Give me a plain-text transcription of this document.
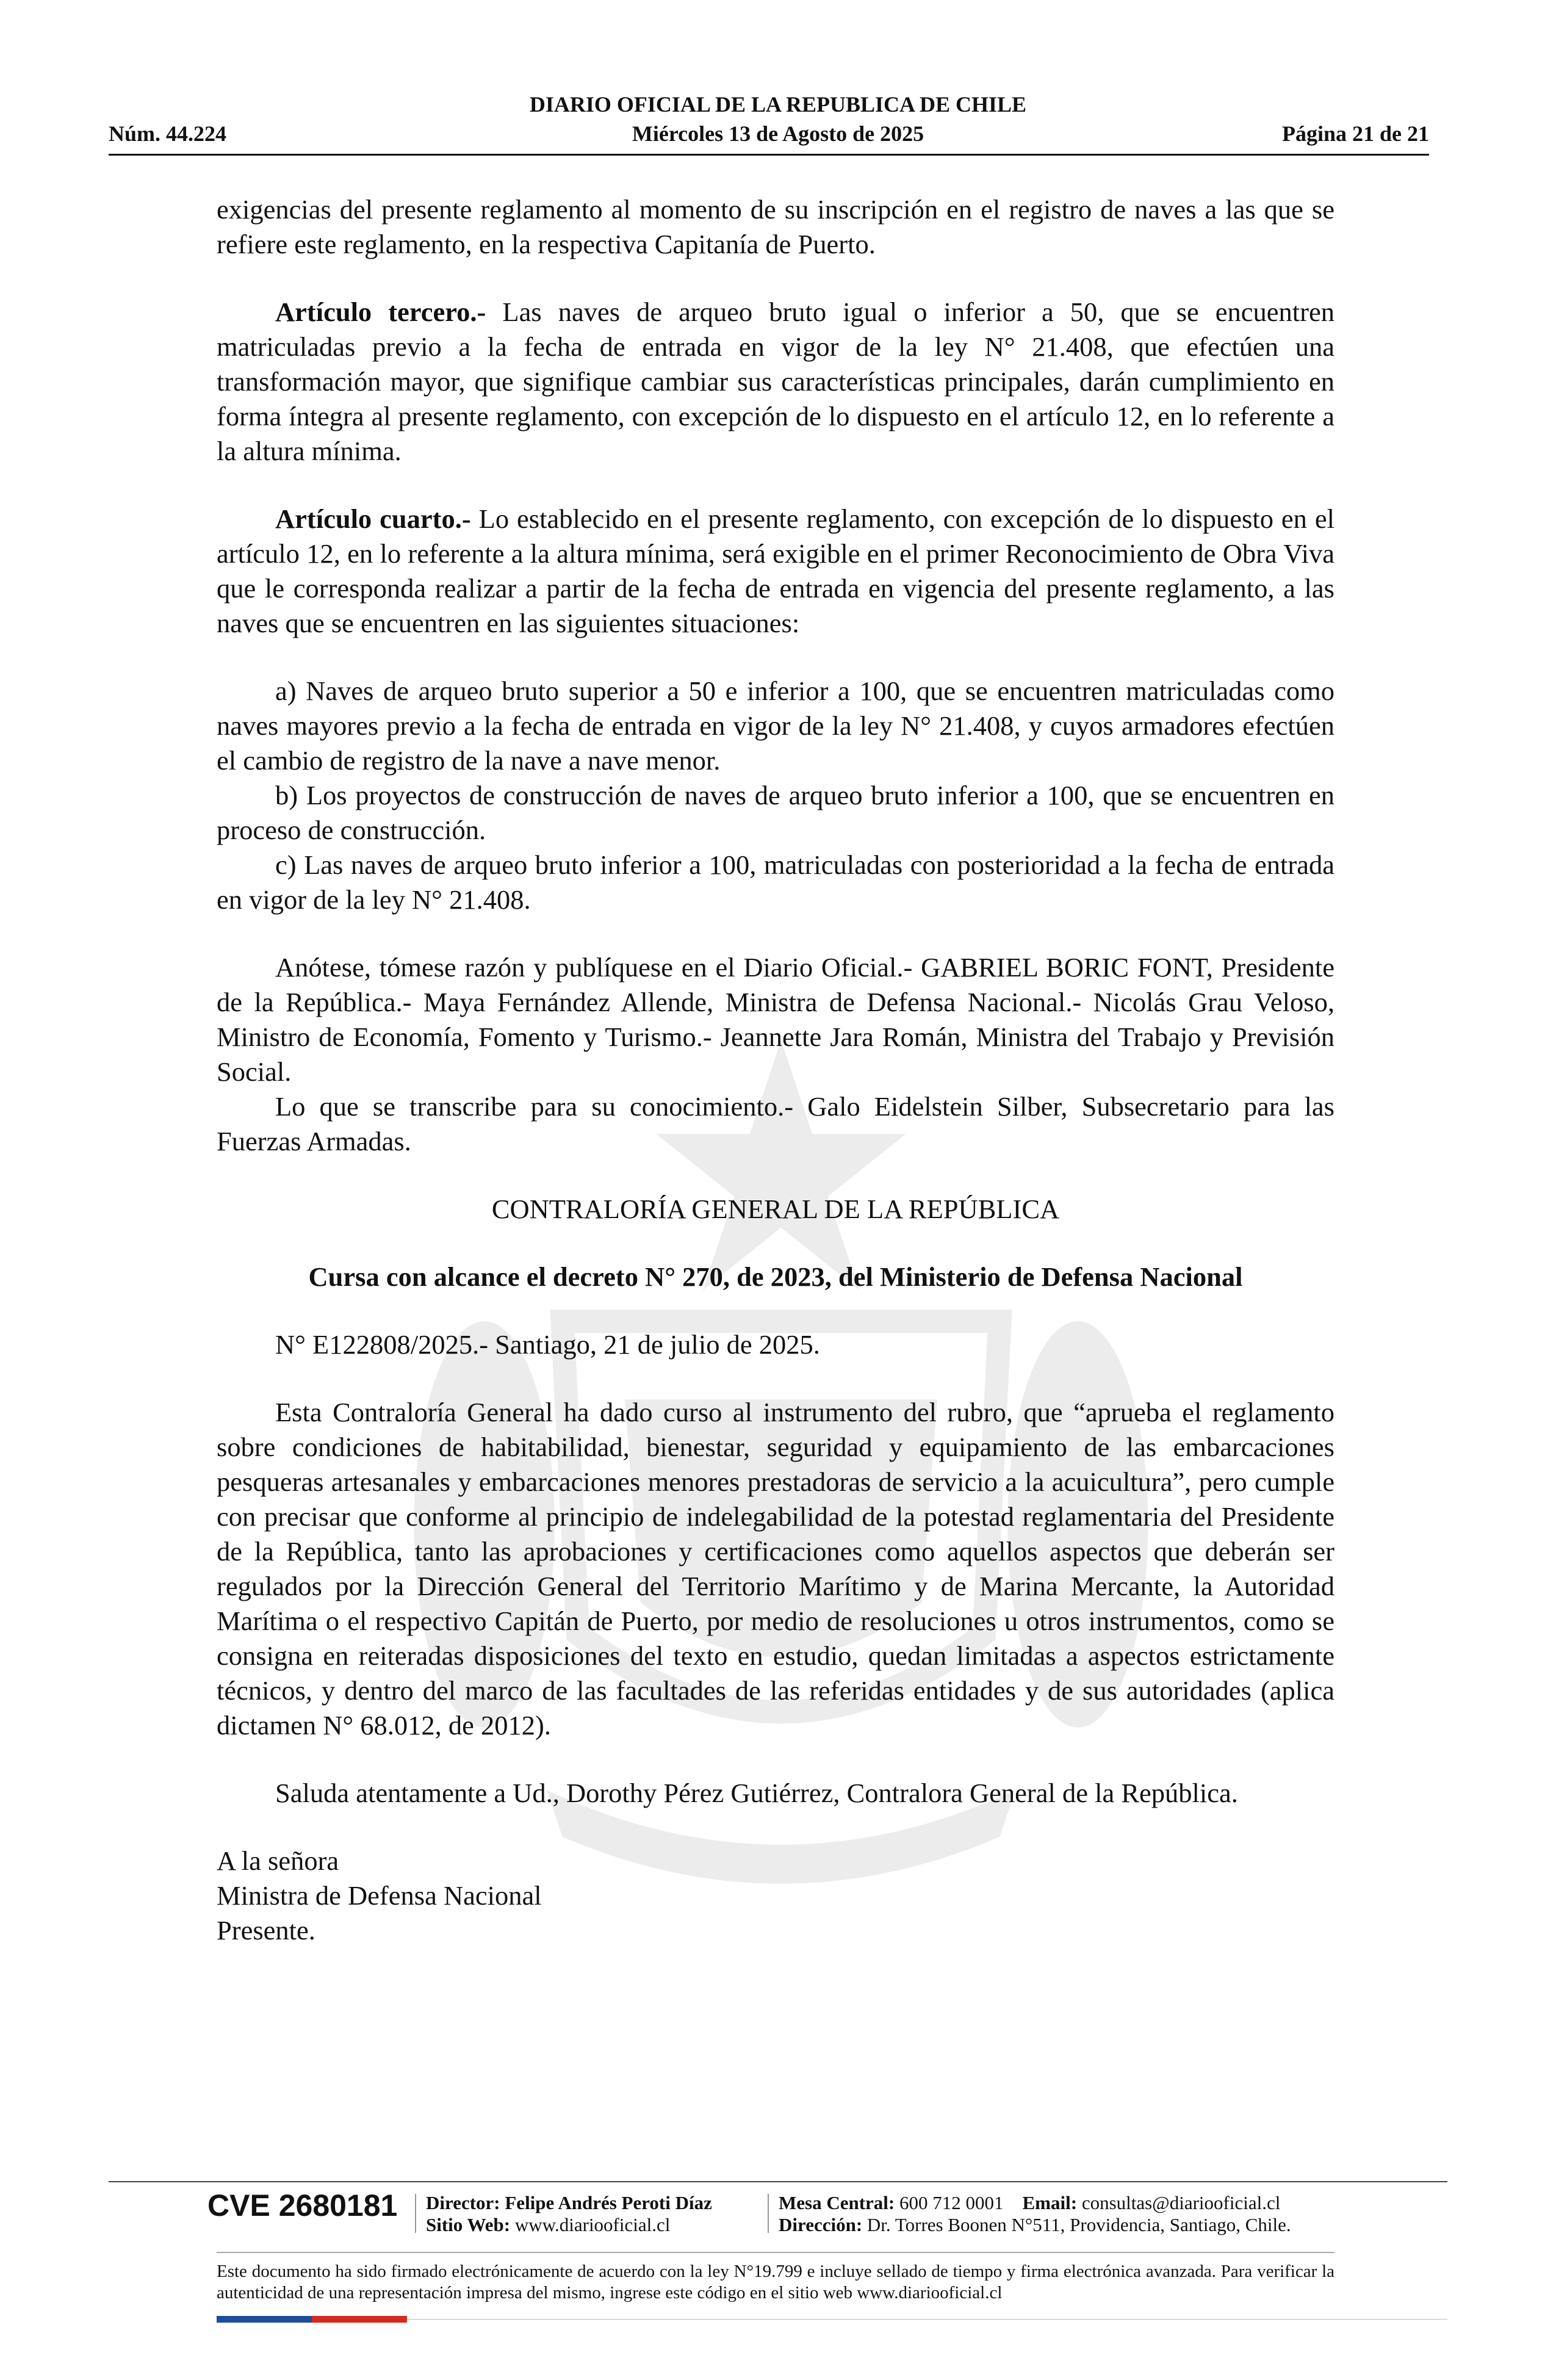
DIARIO OFICIAL DE LA REPUBLICA DE CHILE
Núm. 44.224	Miércoles 13 de Agosto de 2025	Página 21 de 21

exigencias del presente reglamento al momento de su inscripción en el registro de naves a las que se refiere este reglamento, en la respectiva Capitanía de Puerto.

Artículo tercero.- Las naves de arqueo bruto igual o inferior a 50, que se encuentren matriculadas previo a la fecha de entrada en vigor de la ley N° 21.408, que efectúen una transformación mayor, que signifique cambiar sus características principales, darán cumplimiento en forma íntegra al presente reglamento, con excepción de lo dispuesto en el artículo 12, en lo referente a la altura mínima.

Artículo cuarto.- Lo establecido en el presente reglamento, con excepción de lo dispuesto en el artículo 12, en lo referente a la altura mínima, será exigible en el primer Reconocimiento de Obra Viva que le corresponda realizar a partir de la fecha de entrada en vigencia del presente reglamento, a las naves que se encuentren en las siguientes situaciones:

a) Naves de arqueo bruto superior a 50 e inferior a 100, que se encuentren matriculadas como naves mayores previo a la fecha de entrada en vigor de la ley N° 21.408, y cuyos armadores efectúen el cambio de registro de la nave a nave menor.

b) Los proyectos de construcción de naves de arqueo bruto inferior a 100, que se encuentren en proceso de construcción.

c) Las naves de arqueo bruto inferior a 100, matriculadas con posterioridad a la fecha de entrada en vigor de la ley N° 21.408.

Anótese, tómese razón y publíquese en el Diario Oficial.- GABRIEL BORIC FONT, Presidente de la República.- Maya Fernández Allende, Ministra de Defensa Nacional.- Nicolás Grau Veloso, Ministro de Economía, Fomento y Turismo.- Jeannette Jara Román, Ministra del Trabajo y Previsión Social.

Lo que se transcribe para su conocimiento.- Galo Eidelstein Silber, Subsecretario para las Fuerzas Armadas.

CONTRALORÍA GENERAL DE LA REPÚBLICA

Cursa con alcance el decreto N° 270, de 2023, del Ministerio de Defensa Nacional

N° E122808/2025.- Santiago, 21 de julio de 2025.

Esta Contraloría General ha dado curso al instrumento del rubro, que “aprueba el reglamento sobre condiciones de habitabilidad, bienestar, seguridad y equipamiento de las embarcaciones pesqueras artesanales y embarcaciones menores prestadoras de servicio a la acuicultura”, pero cumple con precisar que conforme al principio de indelegabilidad de la potestad reglamentaria del Presidente de la República, tanto las aprobaciones y certificaciones como aquellos aspectos que deberán ser regulados por la Dirección General del Territorio Marítimo y de Marina Mercante, la Autoridad Marítima o el respectivo Capitán de Puerto, por medio de resoluciones u otros instrumentos, como se consigna en reiteradas disposiciones del texto en estudio, quedan limitadas a aspectos estrictamente técnicos, y dentro del marco de las facultades de las referidas entidades y de sus autoridades (aplica dictamen N° 68.012, de 2012).

Saluda atentamente a Ud., Dorothy Pérez Gutiérrez, Contralora General de la República.

A la señora

Ministra de Defensa Nacional

Presente.

CVE 2680181 Director: Felipe Andrés Peroti Díaz
Sitio Web: www.diariooficial.cl
Mesa Central: 600 712 0001 Email: consultas@diariooficial.cl
Dirección: Dr. Torres Boonen N°511, Providencia, Santiago, Chile.
Este documento ha sido firmado electrónicamente de acuerdo con la ley N°19.799 e incluye sellado de tiempo y firma electrónica avanzada. Para verificar la autenticidad de una representación impresa del mismo, ingrese este código en el sitio web www.diariooficial.cl
